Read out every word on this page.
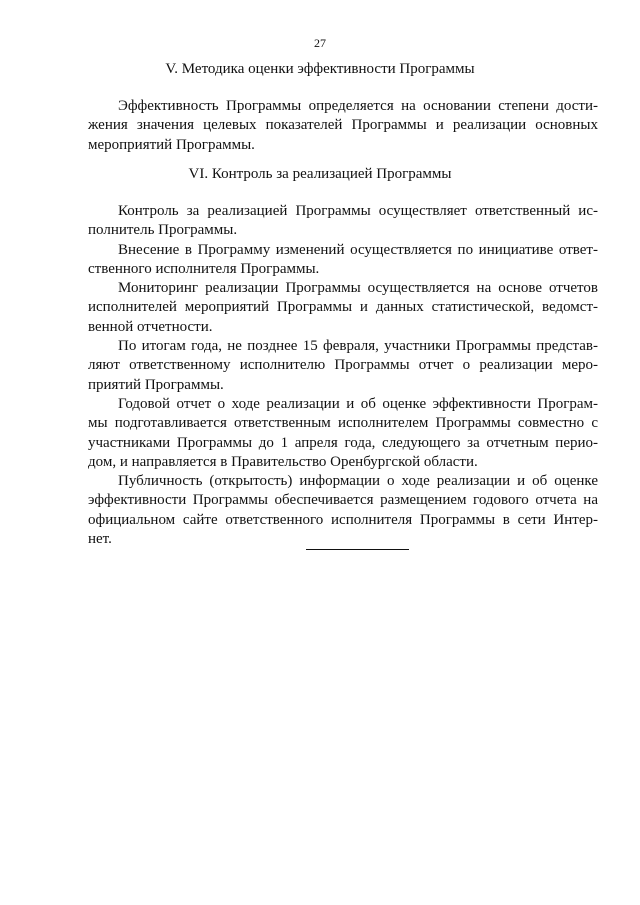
27
V. Методика оценки эффективности Программы

Эффективность Программы определяется на основании степени дости-
жения значения целевых показателей Программы и реализации основных
мероприятий Программы.

VI. Контроль за реализацией Программы

Контроль за реализацией Программы осуществляет ответственный ис-
полнитель Программы.

Внесение в Программу изменений осуществляется по инициативе ответ-
ственного исполнителя Программы.

Мониторинг реализации Программы осуществляется на основе отчетов
исполнителей мероприятий Программы и данных статистической, ведомст-
венной отчетности.

По итогам года, не позднее 15 февраля, участники Программы представ-
ляют ответственному исполнителю Программы отчет о реализации меро-
приятий Программы.

Годовой отчет о ходе реализации и об оценке эффективности Програм-
мы подготавливается ответственным исполнителем Программы совместно с
участниками Программы до 1 апреля года, следующего за отчетным перио-
дом, и направляется в Правительство Оренбургской области.

Публичность (открытость) информации о ходе реализации и об оценке
эффективности Программы обеспечивается размещением годового отчета на
официальном сайте ответственного исполнителя Программы в сети Интер-
нет.
